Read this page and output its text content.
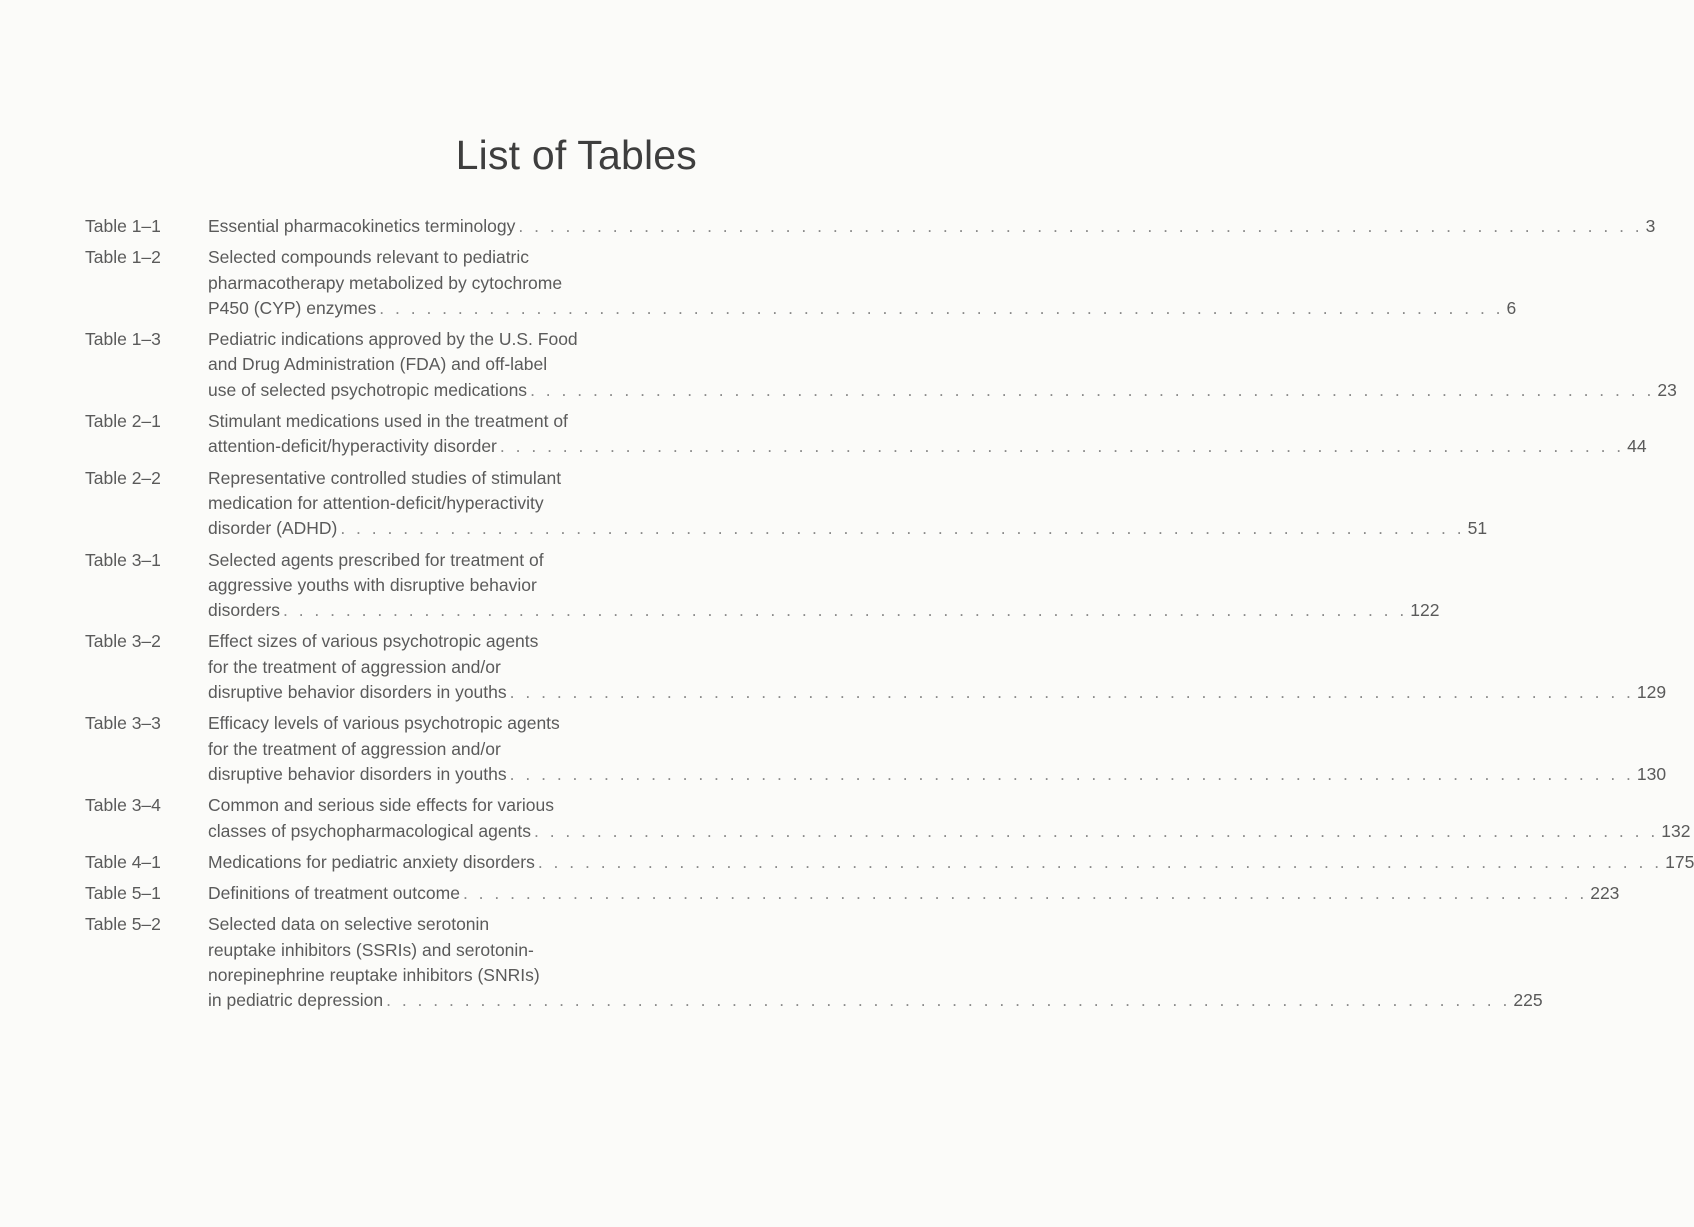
List of Tables
Table 1–1	Essential pharmacokinetics terminology . . .	3
Table 1–2	Selected compounds relevant to pediatric
pharmacotherapy metabolized by cytochrome
P450 (CYP) enzymes . . .	6
Table 1–3	Pediatric indications approved by the U.S. Food
and Drug Administration (FDA) and off-label
use of selected psychotropic medications . . .	23
Table 2–1	Stimulant medications used in the treatment of
attention-deficit/hyperactivity disorder . . .	44
Table 2–2	Representative controlled studies of stimulant
medication for attention-deficit/hyperactivity
disorder (ADHD) . . .	51
Table 3–1	Selected agents prescribed for treatment of
aggressive youths with disruptive behavior
disorders . . .	122
Table 3–2	Effect sizes of various psychotropic agents
for the treatment of aggression and/or
disruptive behavior disorders in youths . . .	129
Table 3–3	Efficacy levels of various psychotropic agents
for the treatment of aggression and/or
disruptive behavior disorders in youths . . .	130
Table 3–4	Common and serious side effects for various
classes of psychopharmacological agents . . .	132
Table 4–1	Medications for pediatric anxiety disorders . . .	175
Table 5–1	Definitions of treatment outcome . . .	223
Table 5–2	Selected data on selective serotonin
reuptake inhibitors (SSRIs) and serotonin-
norepinephrine reuptake inhibitors (SNRIs)
in pediatric depression . . .	225
